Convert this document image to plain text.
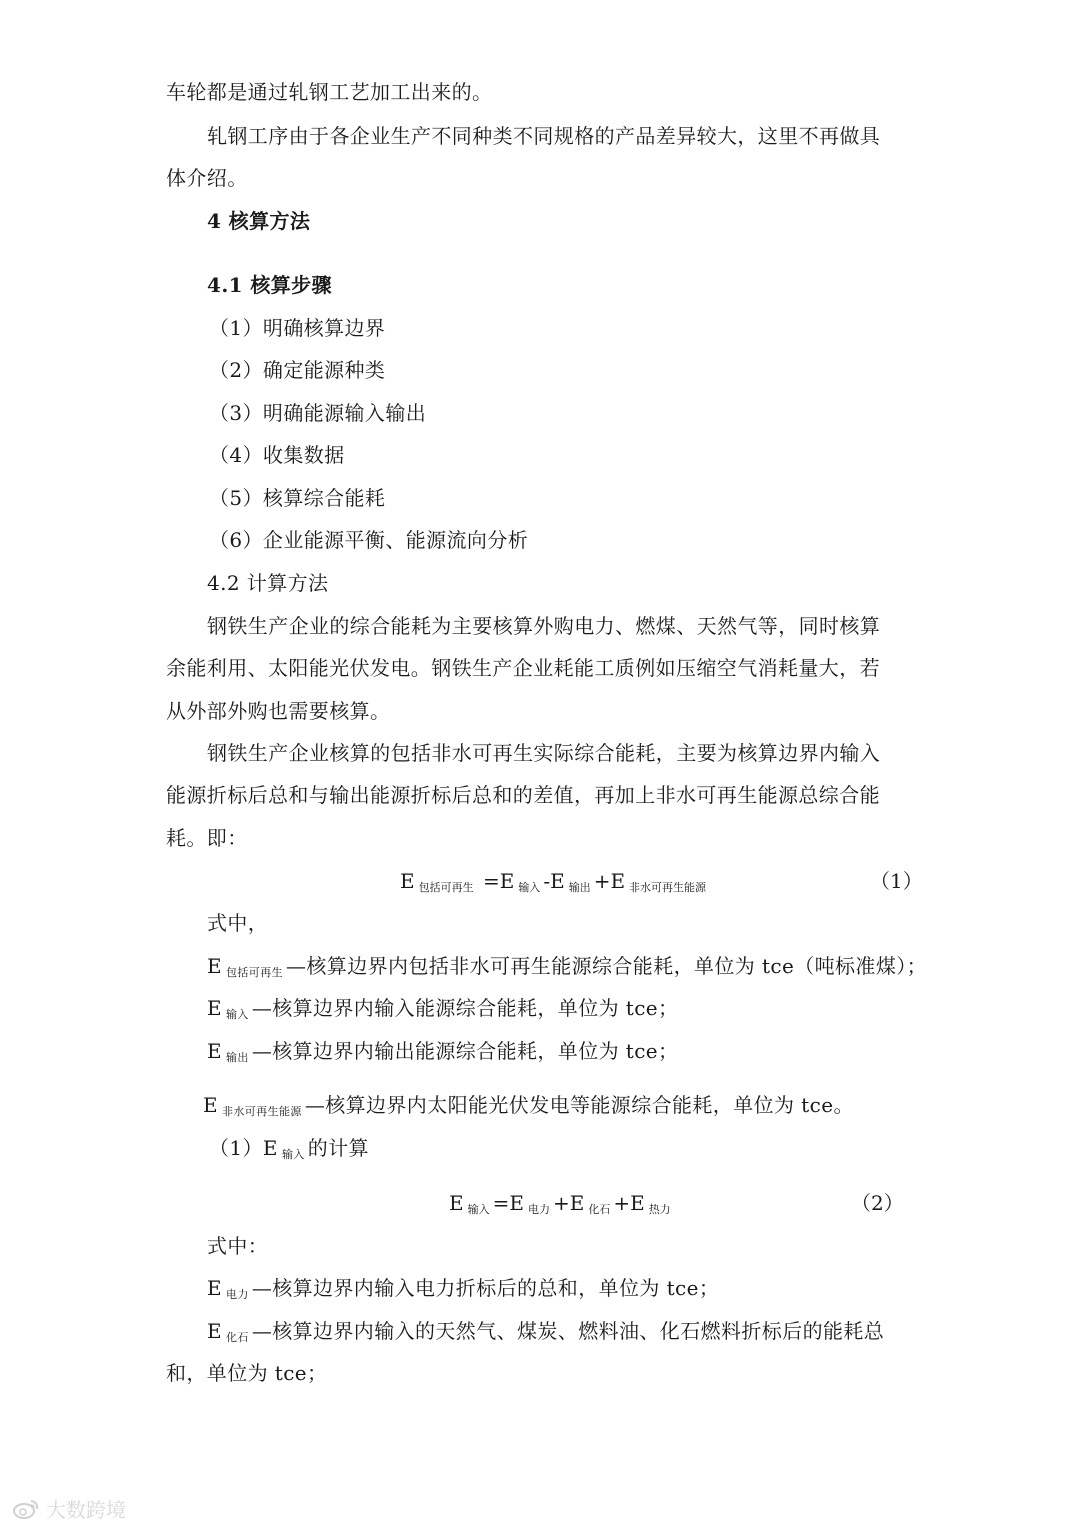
车轮都是通过轧钢工艺加工出来的。

轧钢工序由于各企业生产不同种类不同规格的产品差异较大，这里不再做具

体介绍。

4 核算方法

4.1 核算步骤

（1）明确核算边界

（2）确定能源种类

（3）明确能源输入输出

（4）收集数据

（5）核算综合能耗

（6）企业能源平衡、能源流向分析

4.2 计算方法

钢铁生产企业的综合能耗为主要核算外购电力、燃煤、天然气等，同时核算

余能利用、太阳能光伏发电。钢铁生产企业耗能工质例如压缩空气消耗量大，若

从外部外购也需要核算。

钢铁生产企业核算的包括非水可再生实际综合能耗，主要为核算边界内输入

能源折标后总和与输出能源折标后总和的差值，再加上非水可再生能源总综合能

耗。即：

E $_{包括可再生}$ =E $_{输入}$ -E $_{输出}$ +E $_{非水可再生能源}$	（1）

式中，

E $_{包括可再生}$ —核算边界内包括非水可再生能源综合能耗，单位为 tce（吨标准煤）；

E $_{输入}$ —核算边界内输入能源综合能耗，单位为 tce；

E $_{输出}$ —核算边界内输出能源综合能耗，单位为 tce；

E $_{非水可再生能源}$ —核算边界内太阳能光伏发电等能源综合能耗，单位为 tce。

（1）E $_{输入}$ 的计算

E $_{输入}$ =E $_{电力}$ +E $_{化石}$ +E $_{热力}$	（2）

式中：

E $_{电力}$ —核算边界内输入电力折标后的总和，单位为 tce；

E $_{化石}$ —核算边界内输入的天然气、煤炭、燃料油、化石燃料折标后的能耗总

和，单位为 tce；

大数跨境
